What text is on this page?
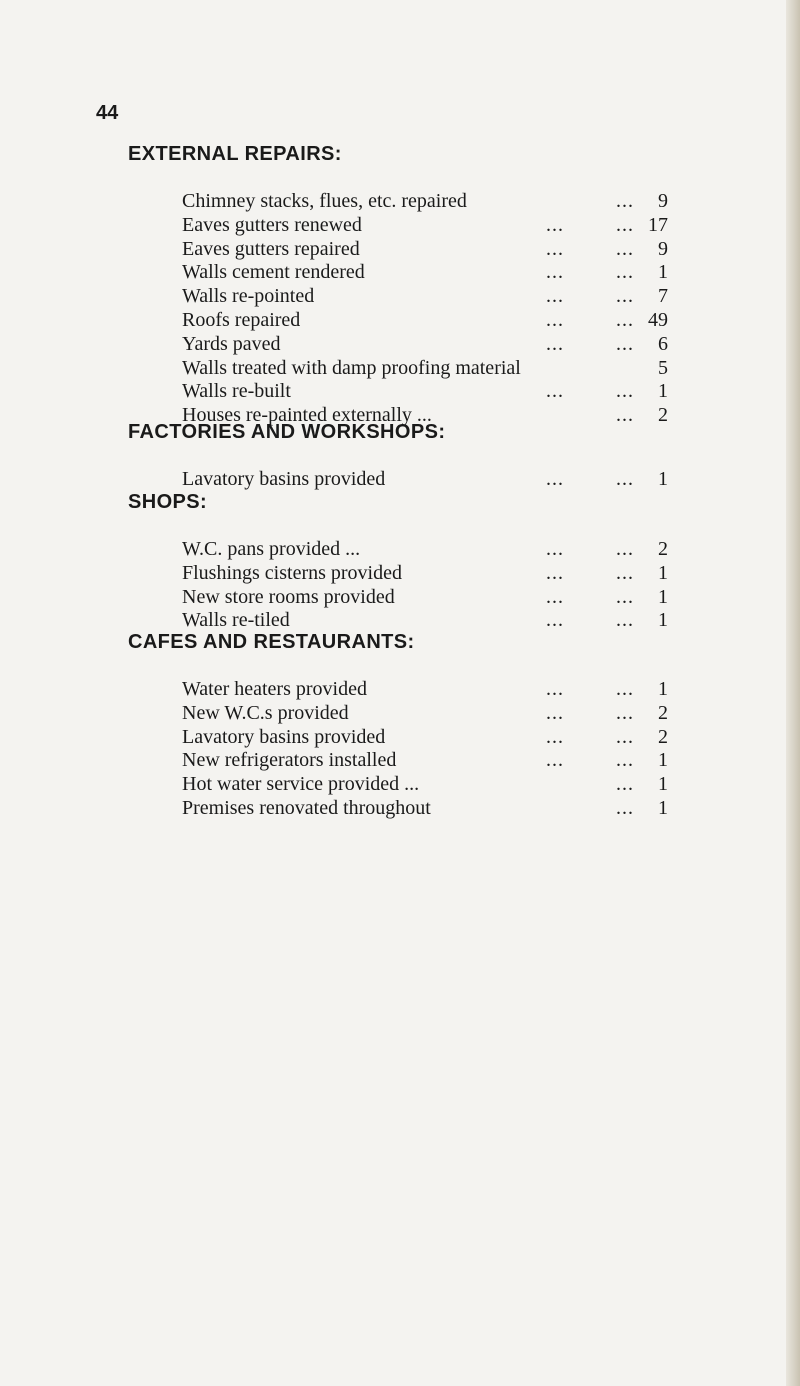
44
EXTERNAL REPAIRS:
Chimney stacks, flues, etc. repaired	...	9
Eaves gutters renewed	...	... 17
Eaves gutters repaired	...	...	9
Walls cement rendered	...	...	1
Walls re-pointed	...	...	7
Roofs repaired	...	... 49
Yards paved	...	...	6
Walls treated with damp proofing material	5
Walls re-built	...	...	1
Houses re-painted externally ...	...	2
FACTORIES AND WORKSHOPS:
Lavatory basins provided	...	...	1
SHOPS:
W.C. pans provided ...	...	...	2
Flushings cisterns provided	...	...	1
New store rooms provided	...	...	1
Walls re-tiled	...	...	1
CAFES AND RESTAURANTS:
Water heaters provided	...	...	1
New W.C.s provided	...	...	2
Lavatory basins provided	...	...	2
New refrigerators installed	...	...	1
Hot water service provided ...	...	1
Premises renovated throughout	...	1
